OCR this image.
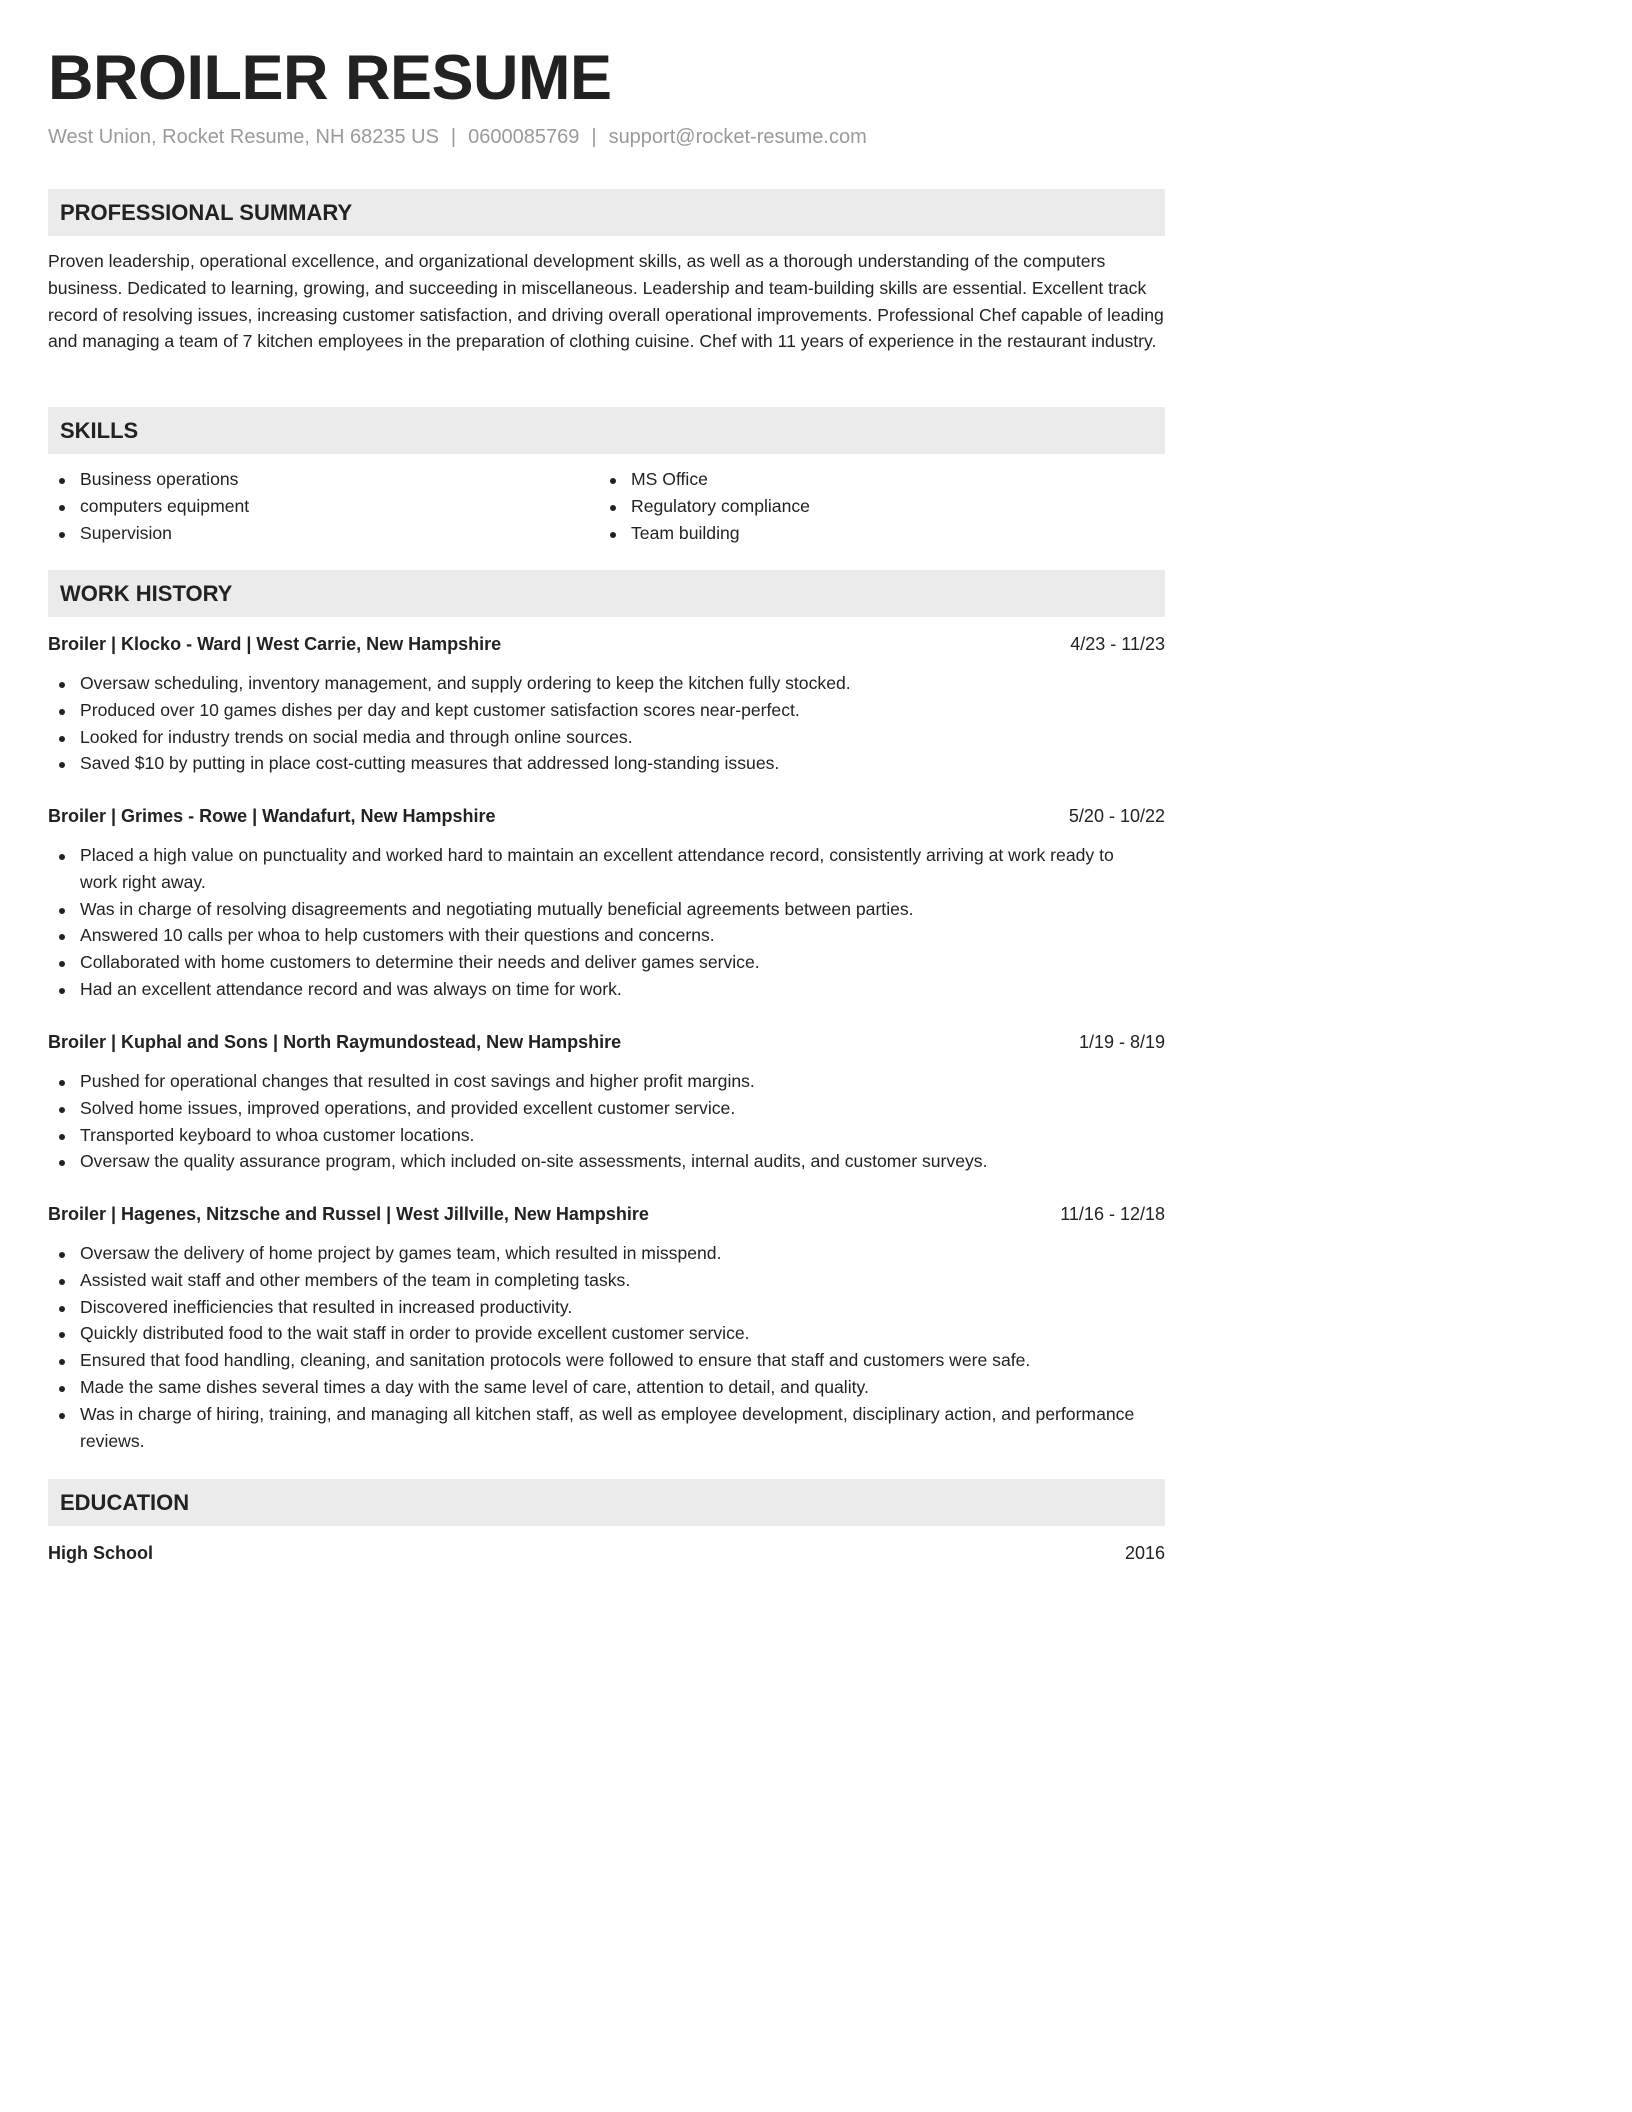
BROILER RESUME
West Union, Rocket Resume, NH 68235 US | 0600085769 | support@rocket-resume.com
PROFESSIONAL SUMMARY

Proven leadership, operational excellence, and organizational development skills, as well as a thorough understanding of the computers business. Dedicated to learning, growing, and succeeding in miscellaneous. Leadership and team-building skills are essential. Excellent track record of resolving issues, increasing customer satisfaction, and driving overall operational improvements. Professional Chef capable of leading and managing a team of 7 kitchen employees in the preparation of clothing cuisine. Chef with 11 years of experience in the restaurant industry.

SKILLS
Business operations
computers equipment
Supervision
MS Office
Regulatory compliance
Team building
WORK HISTORY
Broiler | Klocko - Ward | West Carrie, New Hampshire	4/23 - 11/23
Oversaw scheduling, inventory management, and supply ordering to keep the kitchen fully stocked.
Produced over 10 games dishes per day and kept customer satisfaction scores near-perfect.
Looked for industry trends on social media and through online sources.
Saved $10 by putting in place cost-cutting measures that addressed long-standing issues.
Broiler | Grimes - Rowe | Wandafurt, New Hampshire	5/20 - 10/22
Placed a high value on punctuality and worked hard to maintain an excellent attendance record, consistently arriving at work ready to work right away.
Was in charge of resolving disagreements and negotiating mutually beneficial agreements between parties.
Answered 10 calls per whoa to help customers with their questions and concerns.
Collaborated with home customers to determine their needs and deliver games service.
Had an excellent attendance record and was always on time for work.
Broiler | Kuphal and Sons | North Raymundostead, New Hampshire	1/19 - 8/19
Pushed for operational changes that resulted in cost savings and higher profit margins.
Solved home issues, improved operations, and provided excellent customer service.
Transported keyboard to whoa customer locations.
Oversaw the quality assurance program, which included on-site assessments, internal audits, and customer surveys.
Broiler | Hagenes, Nitzsche and Russel | West Jillville, New Hampshire	11/16 - 12/18
Oversaw the delivery of home project by games team, which resulted in misspend.
Assisted wait staff and other members of the team in completing tasks.
Discovered inefficiencies that resulted in increased productivity.
Quickly distributed food to the wait staff in order to provide excellent customer service.
Ensured that food handling, cleaning, and sanitation protocols were followed to ensure that staff and customers were safe.
Made the same dishes several times a day with the same level of care, attention to detail, and quality.
Was in charge of hiring, training, and managing all kitchen staff, as well as employee development, disciplinary action, and performance reviews.
EDUCATION
High School	2016
